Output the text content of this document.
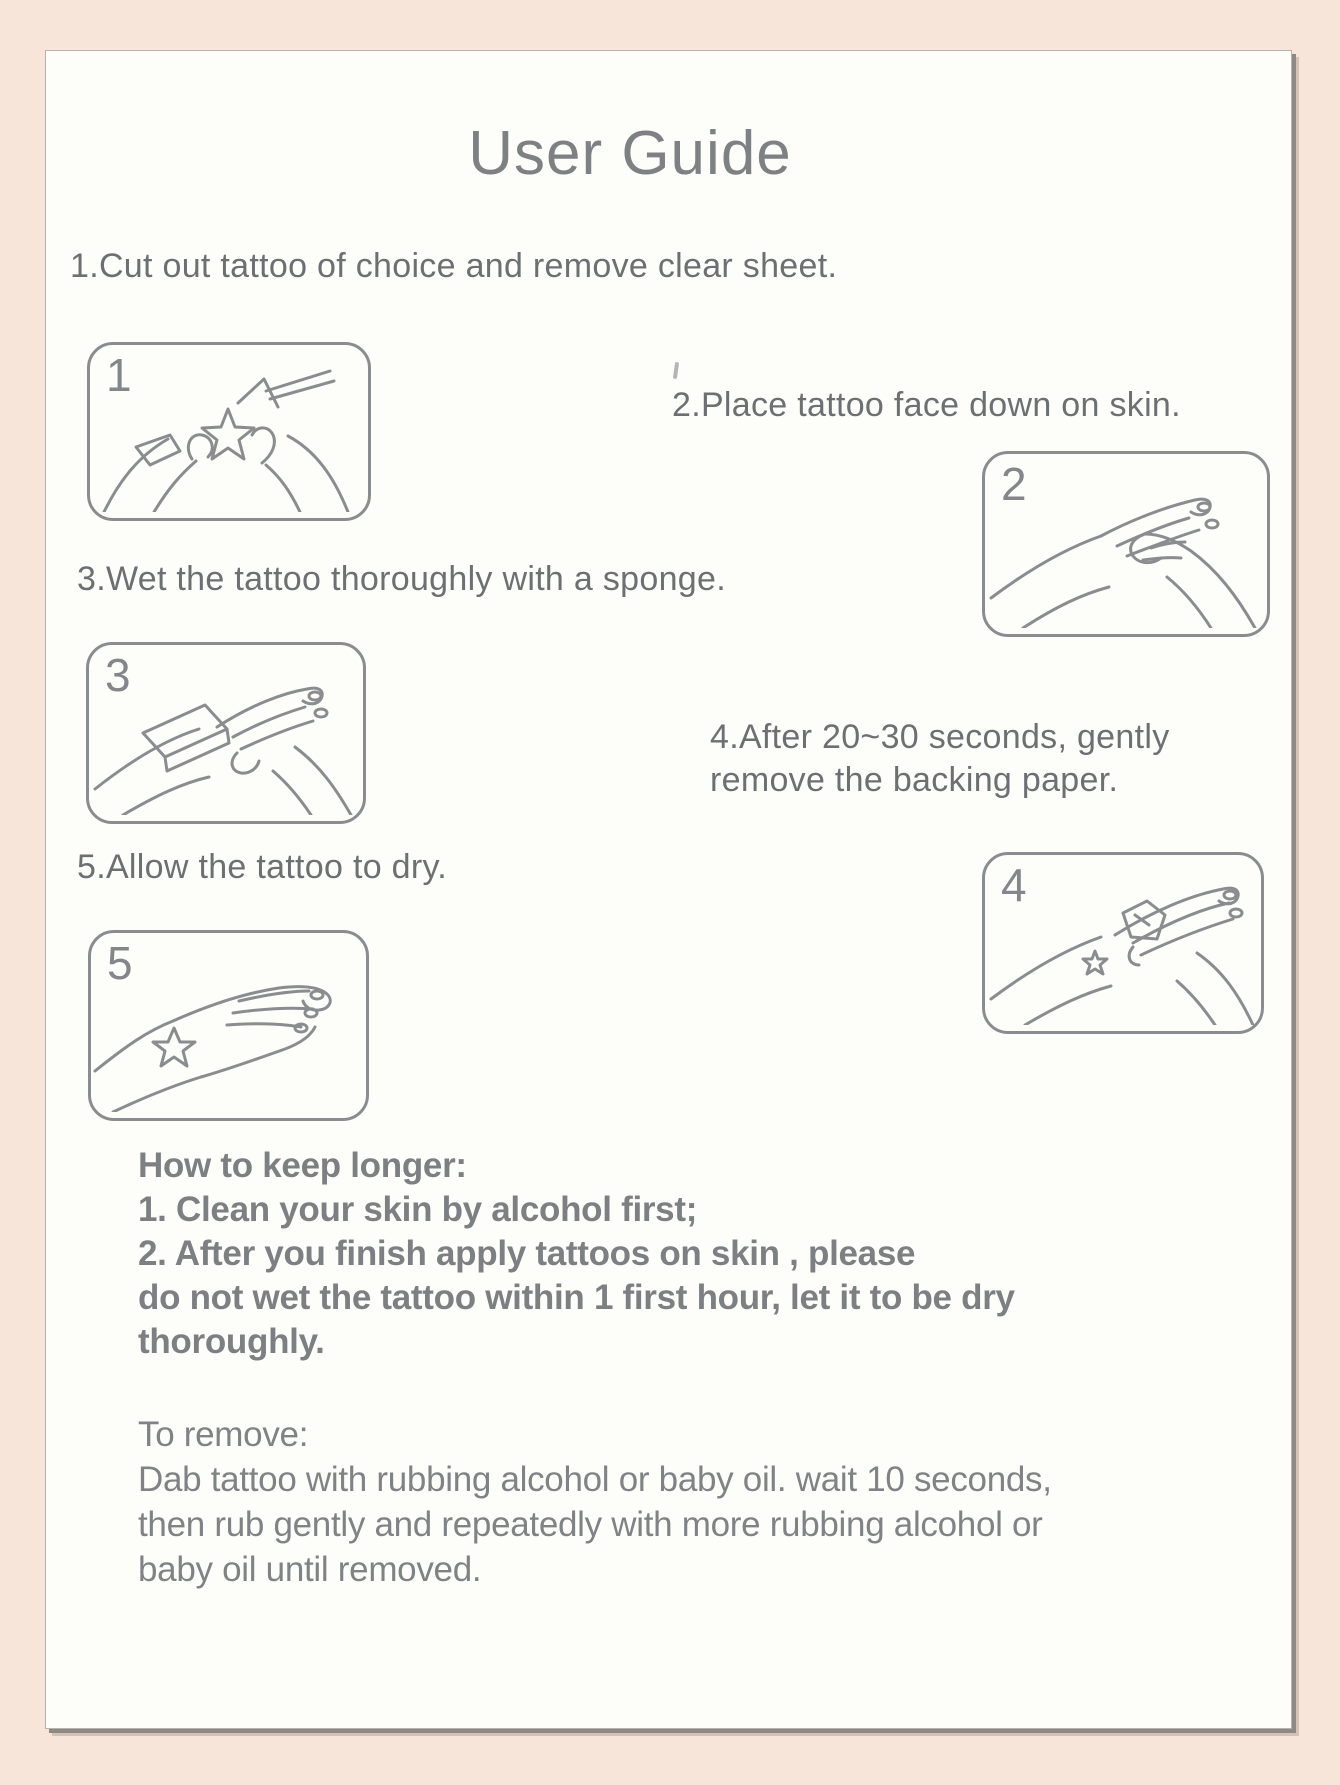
User Guide
1.Cut out tattoo of choice and remove clear sheet.
1
2.Place tattoo face down on skin.
2
3.Wet the tattoo thoroughly with a sponge.
3
4.After 20~30 seconds, gently
remove the backing paper.
4
5.Allow the tattoo to dry.
5
How to keep longer:
1. Clean your skin by alcohol first;
2. After you finish apply tattoos on skin , please
do not wet the tattoo within 1 first hour, let it to be dry
thoroughly.
To remove:
Dab tattoo with rubbing alcohol or baby oil. wait 10 seconds,
then rub gently and repeatedly with more rubbing alcohol or
baby oil until removed.
